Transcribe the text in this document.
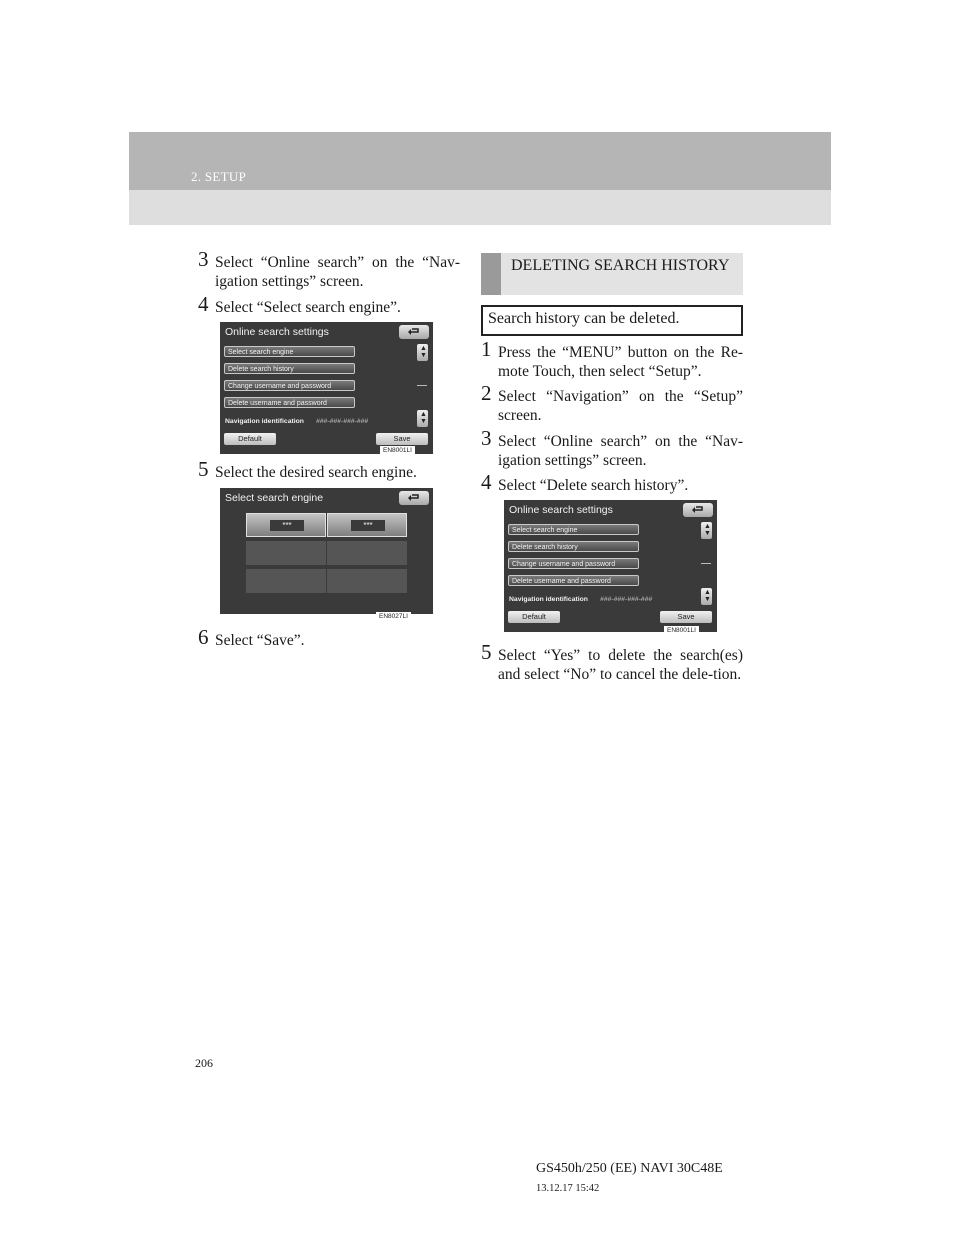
2. SETUP
3 Select “Online search” on the “Nav-igation settings” screen.
4 Select “Select search engine”.
Online search settings
Select search engine
Delete search history
Change username and password
Delete username and password
▲
▼
▲
▼
Navigation identification ###-###-###-###
Default	Save
EN8001LI
5 Select the desired search engine.
Select search engine
***	***
EN8027LI
6 Select “Save”.
DELETING SEARCH HISTORY
Search history can be deleted.
1 Press the “MENU” button on the Re-mote Touch, then select “Setup”.
2 Select “Navigation” on the “Setup” screen.
3 Select “Online search” on the “Nav-igation settings” screen.
4 Select “Delete search history”.
Online search settings
Select search engine
Delete search history
Change username and password
Delete username and password
▲
▼
▲
▼
Navigation identification ###-###-###-###
Default	Save
EN8001LI
5 Select “Yes” to delete the search(es) and select “No” to cancel the dele-tion.
206
GS450h/250 (EE) NAVI 30C48E
13.12.17 15:42
